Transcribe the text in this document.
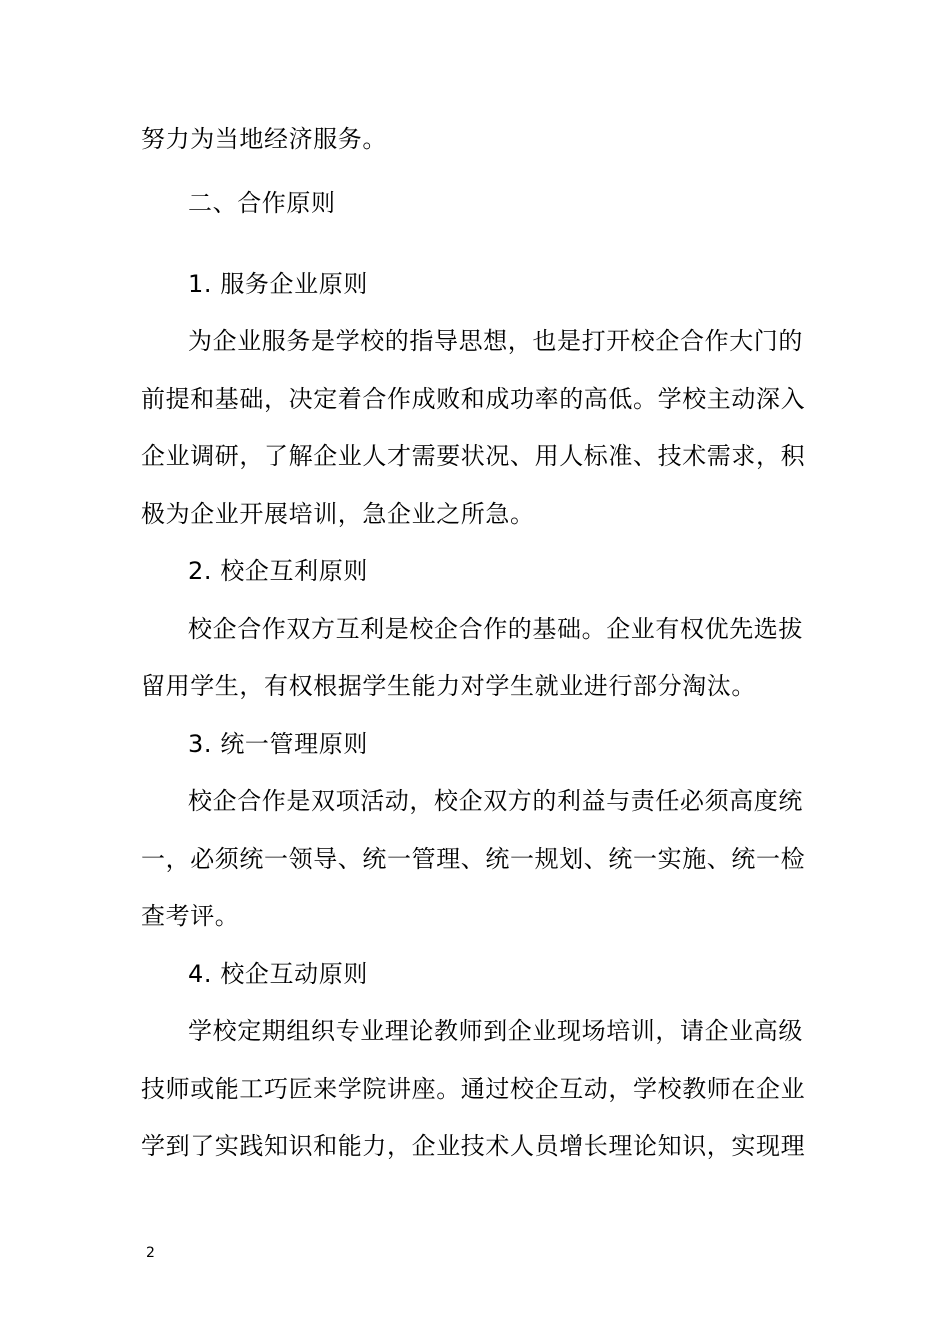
努力为当地经济服务。
二、合作原则
1. 服务企业原则
为企业服务是学校的指导思想，也是打开校企合作大门的
前提和基础，决定着合作成败和成功率的高低。学校主动深入
企业调研，了解企业人才需要状况、用人标准、技术需求，积
极为企业开展培训，急企业之所急。
2. 校企互利原则
校企合作双方互利是校企合作的基础。企业有权优先选拔
留用学生，有权根据学生能力对学生就业进行部分淘汰。
3. 统一管理原则
校企合作是双项活动，校企双方的利益与责任必须高度统
一，必须统一领导、统一管理、统一规划、统一实施、统一检
查考评。
4. 校企互动原则
学校定期组织专业理论教师到企业现场培训，请企业高级
技师或能工巧匠来学院讲座。通过校企互动，学校教师在企业
学到了实践知识和能力，企业技术人员增长理论知识，实现理
2
